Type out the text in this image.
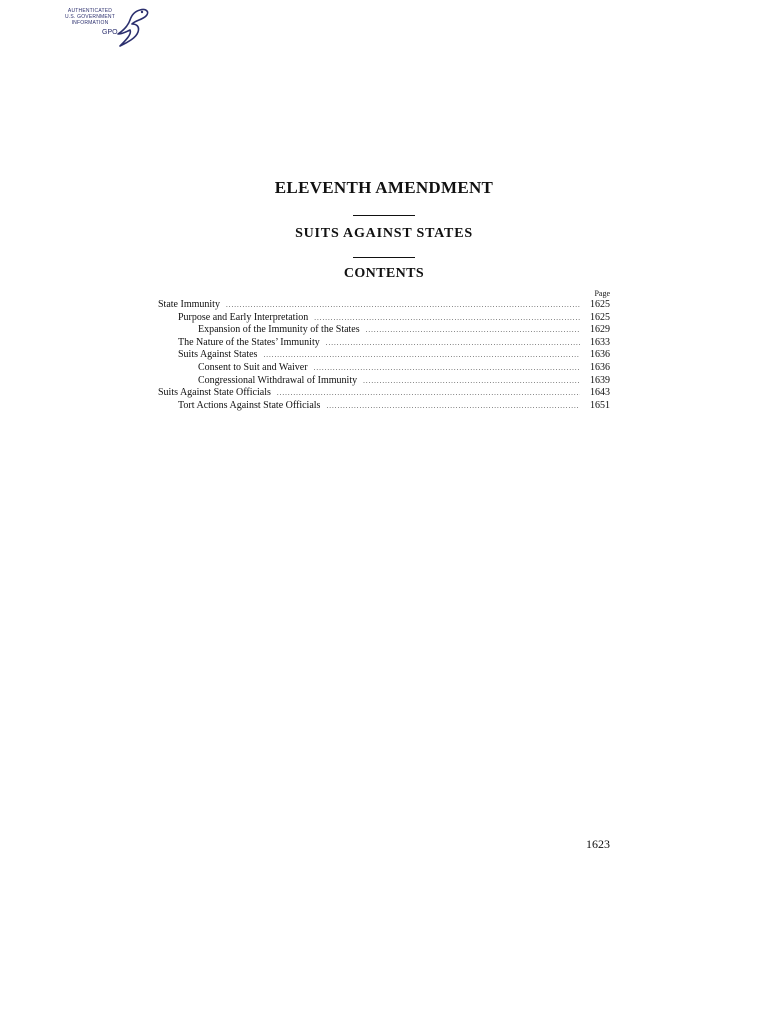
AUTHENTICATED
U.S. GOVERNMENT
INFORMATION
GPO
ELEVENTH AMENDMENT
SUITS AGAINST STATES
CONTENTS
Page
State Immunity .....	1625
Purpose and Early Interpretation .....	1625
Expansion of the Immunity of the States .....	1629
The Nature of the States’ Immunity .....	1633
Suits Against States .....	1636
Consent to Suit and Waiver .....	1636
Congressional Withdrawal of Immunity .....	1639
Suits Against State Officials .....	1643
Tort Actions Against State Officials .....	1651
1623
